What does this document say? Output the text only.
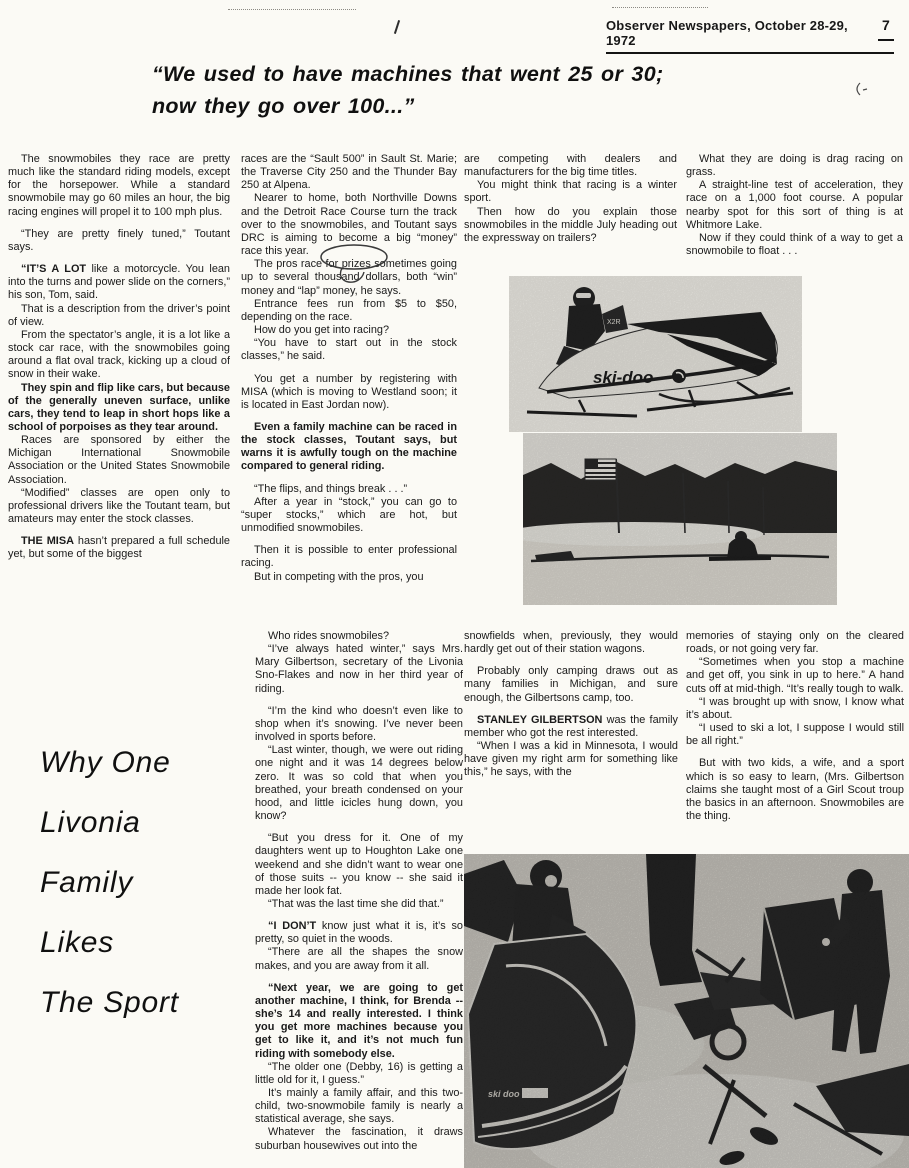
Observer Newspapers, October 28-29, 1972
7
“We used to have machines that went 25 or 30;
now they go over 100...”

The snowmobiles they race are pretty much like the standard riding models, except for the horsepower. While a standard snowmobile may go 60 miles an hour, the big racing engines will propel it to 100 mph plus.

“They are pretty finely tuned,” Toutant says.

“IT’S A LOT like a motorcycle. You lean into the turns and power slide on the corners,” his son, Tom, said.

That is a description from the driver’s point of view.

From the spectator’s angle, it is a lot like a stock car race, with the snowmobiles going around a flat oval track, kicking up a cloud of snow in their wake.

They spin and flip like cars, but because of the generally uneven surface, unlike cars, they tend to leap in short hops like a school of porpoises as they tear around.

Races are sponsored by either the Michigan International Snowmobile Association or the United States Snowmobile Association.

“Modified” classes are open only to professional drivers like the Toutant team, but amateurs may enter the stock classes.

THE MISA hasn’t prepared a full schedule yet, but some of the biggest

races are the “Sault 500” in Sault St. Marie; the Traverse City 250 and the Thunder Bay 250 at Alpena.

Nearer to home, both Northville Downs and the Detroit Race Course turn the track over to the snowmobiles, and Toutant says DRC is aiming to become a big “money” race this year.

The pros race for prizes sometimes going up to several thousand dollars, both “win” money and “lap” money, he says.

Entrance fees run from $5 to $50, depending on the race.

How do you get into racing?

“You have to start out in the stock classes,” he said.

You get a number by registering with MISA (which is moving to Westland soon; it is located in East Jordan now).

Even a family machine can be raced in the stock classes, Toutant says, but warns it is awfully tough on the machine compared to general riding.

“The flips, and things break . . .”

After a year in “stock,” you can go to “super stocks,” which are hot, but unmodified snowmobiles.

Then it is possible to enter professional racing.

But in competing with the pros, you

are competing with dealers and manufacturers for the big time titles.

You might think that racing is a winter sport.

Then how do you explain those snowmobiles in the middle July heading out the expressway on trailers?

What they are doing is drag racing on grass.

A straight-line test of acceleration, they race on a 1,000 foot course. A popular nearby spot for this sort of thing is at Whitmore Lake.

Now if they could think of a way to get a snowmobile to float . . .

X2R
ski-doo
Why One
Livonia
Family
Likes
The Sport

Who rides snowmobiles?

“I’ve always hated winter,” says Mrs. Mary Gilbertson, secretary of the Livonia Sno-Flakes and now in her third year of riding.

“I’m the kind who doesn’t even like to shop when it’s snowing. I’ve never been involved in sports before.

“Last winter, though, we were out riding one night and it was 14 degrees below zero. It was so cold that when you breathed, your breath condensed on your hood, and little icicles hung down, you know?

“But you dress for it. One of my daughters went up to Houghton Lake one weekend and she didn’t want to wear one of those suits -- you know -- she said it made her look fat.

“That was the last time she did that.”

“I DON’T know just what it is, it’s so pretty, so quiet in the woods.

“There are all the shapes the snow makes, and you are away from it all.

“Next year, we are going to get another machine, I think, for Brenda -- she’s 14 and really interested. I think you get more machines because you get to like it, and it’s not much fun riding with somebody else.

“The older one (Debby, 16) is getting a little old for it, I guess.”

It’s mainly a family affair, and this two-child, two-snowmobile family is nearly a statistical average, she says.

Whatever the fascination, it draws suburban housewives out into the

snowfields when, previously, they would hardly get out of their station wagons.

Probably only camping draws out as many families in Michigan, and sure enough, the Gilbertsons camp, too.

STANLEY GILBERTSON was the family member who got the rest interested.

“When I was a kid in Minnesota, I would have given my right arm for something like this,” he says, with the

memories of staying only on the cleared roads, or not going very far.

“Sometimes when you stop a machine and get off, you sink in up to here.” A hand cuts off at mid-thigh. “It’s really tough to walk.

“I was brought up with snow, I know what it’s about.

“I used to ski a lot, I suppose I would still be all right.”

But with two kids, a wife, and a sport which is so easy to learn, (Mrs. Gilbertson claims she taught most of a Girl Scout troup the basics in an afternoon. Snowmobiles are the thing.

ski doo
